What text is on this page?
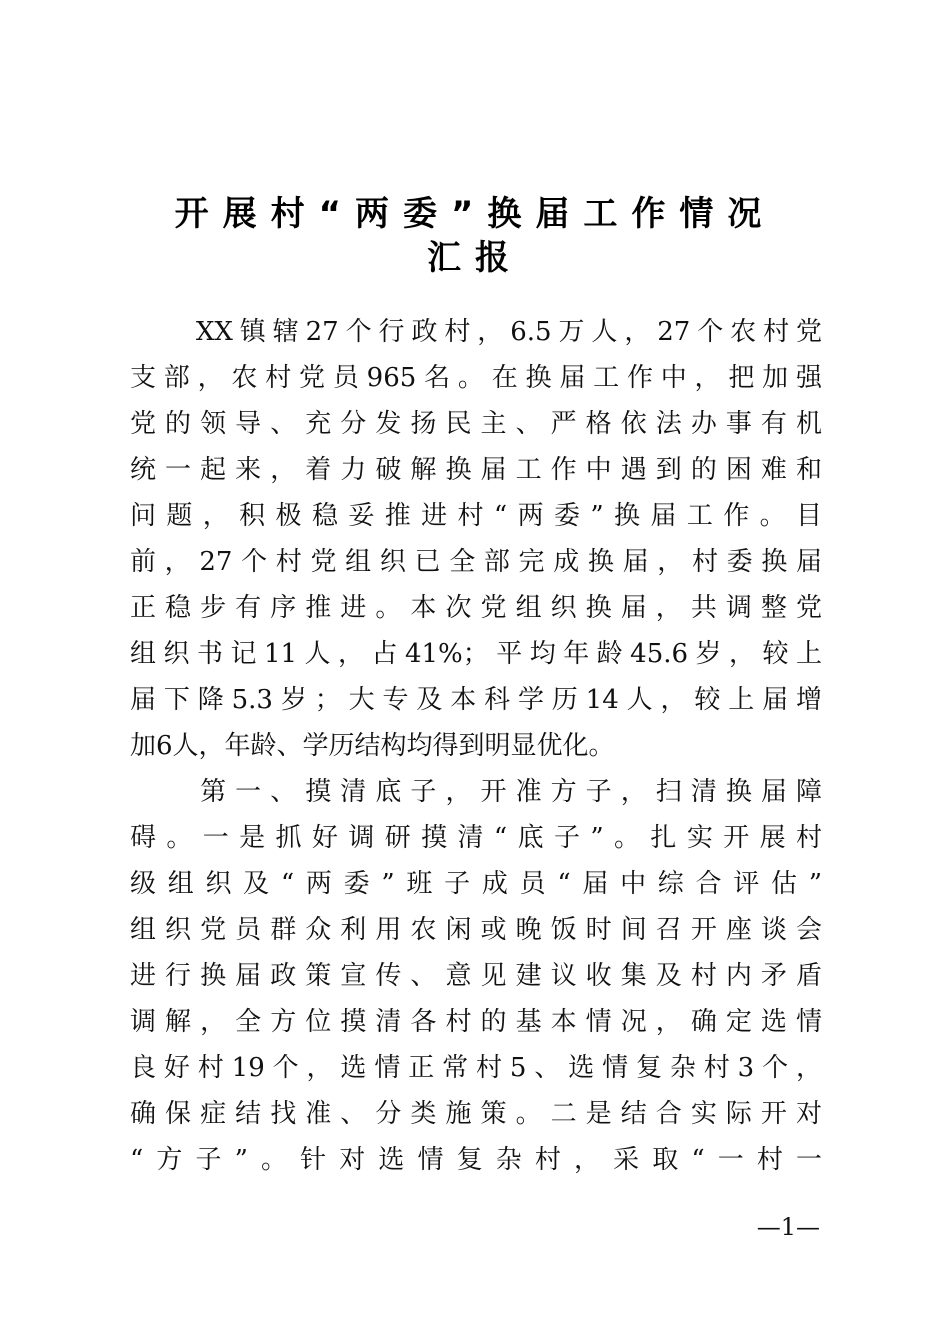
开展村“两委”换届工作情况
汇报
　　XX镇辖27个行政村，6.5万人，27个农村党
支部，农村党员965名。在换届工作中，把加强
党的领导、充分发扬民主、严格依法办事有机
统一起来，着力破解换届工作中遇到的困难和
问题，积极稳妥推进村“两委”换届工作。目
前，27个村党组织已全部完成换届，村委换届
正稳步有序推进。本次党组织换届，共调整党
组织书记11人，占41%；平均年龄45.6岁，较上
届下降5.3岁；大专及本科学历14人，较上届增
加6人，年龄、学历结构均得到明显优化。
　　第一、摸清底子，开准方子，扫清换届障
碍。一是抓好调研摸清“底子”。扎实开展村
级组织及“两委”班子成员“届中综合评估”
组织党员群众利用农闲或晚饭时间召开座谈会
进行换届政策宣传、意见建议收集及村内矛盾
调解，全方位摸清各村的基本情况，确定选情
良好村19个，选情正常村5、选情复杂村3个，
确保症结找准、分类施策。二是结合实际开对
“方子”。针对选情复杂村，采取“一村一
—1—
